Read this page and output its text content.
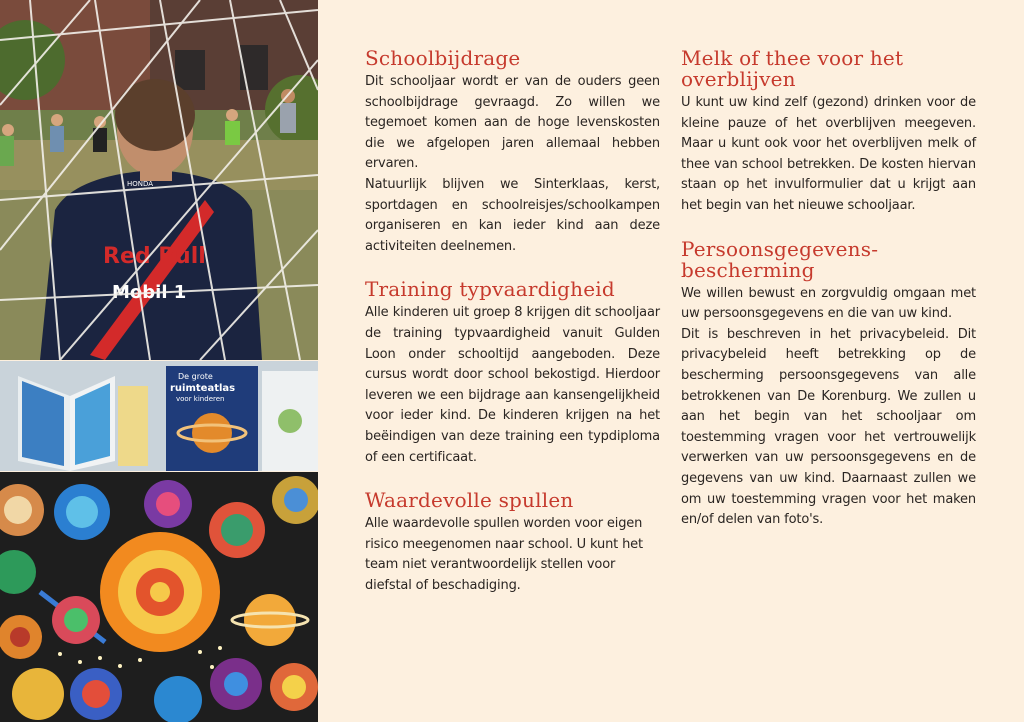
Red Bull
Mobil 1
HONDA
De grote
ruimteatlas
voor kinderen
Schoolbijdrage

Dit schooljaar wordt er van de ouders geen schoolbijdrage gevraagd. Zo willen we tegemoet komen aan de hoge levenskosten die we afgelopen jaren allemaal hebben ervaren.

Natuurlijk blijven we Sinterklaas, kerst, sportdagen en schoolreisjes/schoolkampen organiseren en kan ieder kind aan deze activiteiten deelnemen.

Training typvaardigheid

Alle kinderen uit groep 8 krijgen dit schooljaar de training typvaardigheid vanuit Gulden Loon onder schooltijd aangeboden. Deze cursus wordt door school bekostigd. Hierdoor leveren we een bijdrage aan kansengelijkheid voor ieder kind. De kinderen krijgen na het beëindigen van deze training een typdiploma of een certificaat.

Waardevolle spullen

Alle waardevolle spullen worden voor eigen risico meegenomen naar school. U kunt het team niet verantwoordelijk stellen voor diefstal of beschadiging.

Melk of thee voor het
overblijven

U kunt uw kind zelf (gezond) drinken voor de kleine pauze of het overblijven meegeven. Maar u kunt ook voor het overblijven melk of thee van school betrekken. De kosten hiervan staan op het invulformulier dat u krijgt aan het begin van het nieuwe schooljaar.

Persoonsgegevens-
bescherming

We willen bewust en zorgvuldig omgaan met uw persoonsgegevens en die van uw kind.

Dit is beschreven in het privacybeleid. Dit privacybeleid heeft betrekking op de bescherming persoonsgegevens van alle betrokkenen van De Korenburg. We zullen u aan het begin van het schooljaar om toestemming vragen voor het vertrouwelijk verwerken van uw persoonsgegevens en de gegevens van uw kind. Daarnaast zullen we om uw toestemming vragen voor het maken en/of delen van foto's.
